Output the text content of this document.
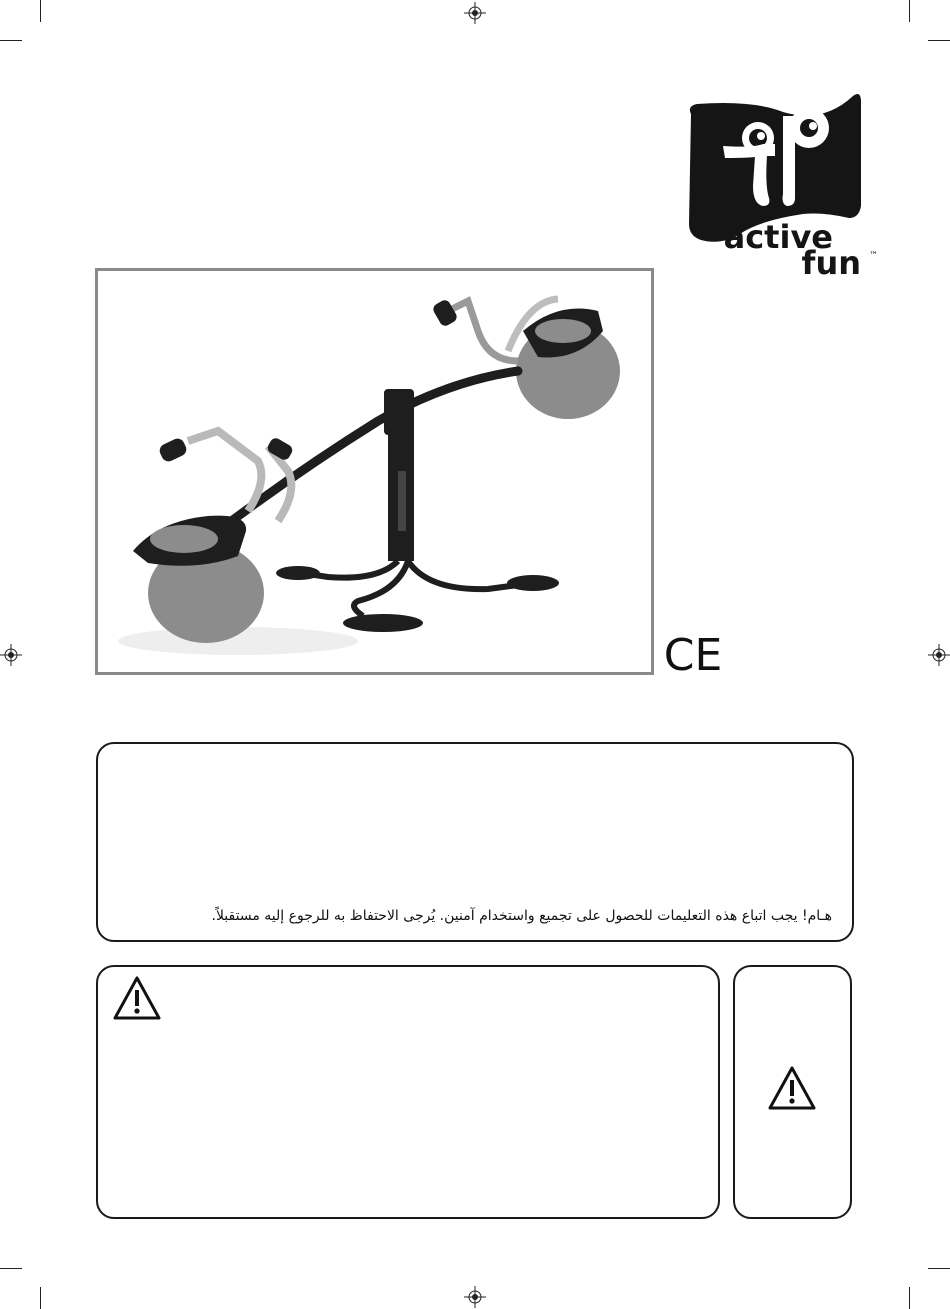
active
fun ™
CE
هـام! يجب اتباع هذه التعليمات للحصول على تجميع واستخدام آمنين. يُرجى الاحتفاظ به للرجوع إليه مستقبلاً.
